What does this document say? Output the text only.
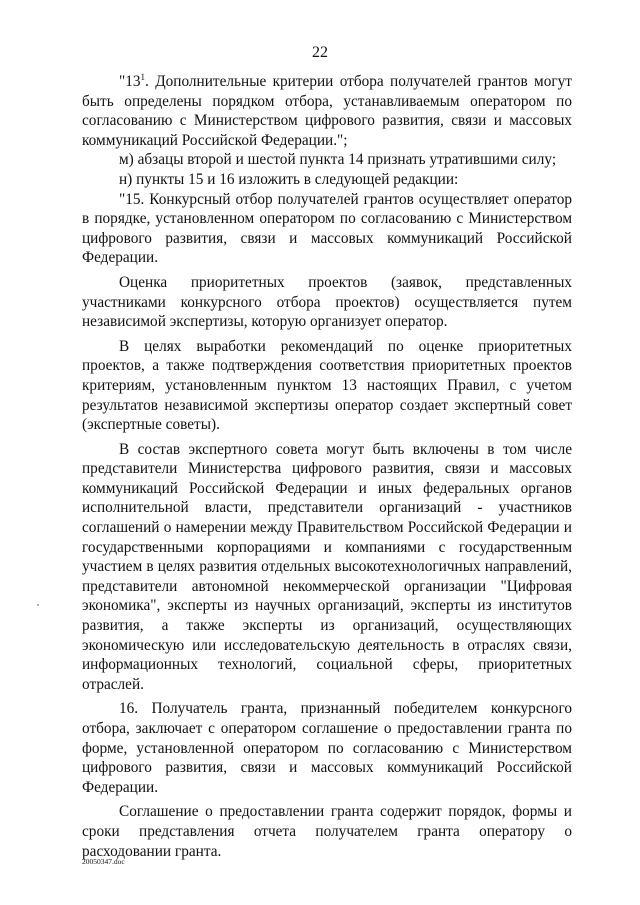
22

"$13^1$. Дополнительные критерии отбора получателей грантов могут быть определены порядком отбора, устанавливаемым оператором по согласованию с Министерством цифрового развития, связи и массовых коммуникаций Российской Федерации.";

м) абзацы второй и шестой пункта 14 признать утратившими силу;

н) пункты 15 и 16 изложить в следующей редакции:

"15. Конкурсный отбор получателей грантов осуществляет оператор в порядке, установленном оператором по согласованию с Министерством цифрового развития, связи и массовых коммуникаций Российской Федерации.

Оценка приоритетных проектов (заявок, представленных участниками конкурсного отбора проектов) осуществляется путем независимой экспертизы, которую организует оператор.

В целях выработки рекомендаций по оценке приоритетных проектов, а также подтверждения соответствия приоритетных проектов критериям, установленным пунктом 13 настоящих Правил, с учетом результатов независимой экспертизы оператор создает экспертный совет (экспертные советы).

В состав экспертного совета могут быть включены в том числе представители Министерства цифрового развития, связи и массовых коммуникаций Российской Федерации и иных федеральных органов исполнительной власти, представители организаций - участников соглашений о намерении между Правительством Российской Федерации и государственными корпорациями и компаниями с государственным участием в целях развития отдельных высокотехнологичных направлений, представители автономной некоммерческой организации "Цифровая экономика", эксперты из научных организаций, эксперты из институтов развития, а также эксперты из организаций, осуществляющих экономическую или исследовательскую деятельность в отраслях связи, информационных технологий, социальной сферы, приоритетных отраслей.

16. Получатель гранта, признанный победителем конкурсного отбора, заключает с оператором соглашение о предоставлении гранта по форме, установленной оператором по согласованию с Министерством цифрового развития, связи и массовых коммуникаций Российской Федерации.

Соглашение о предоставлении гранта содержит порядок, формы и сроки представления отчета получателем гранта оператору о расходовании гранта.

20050347.doc
